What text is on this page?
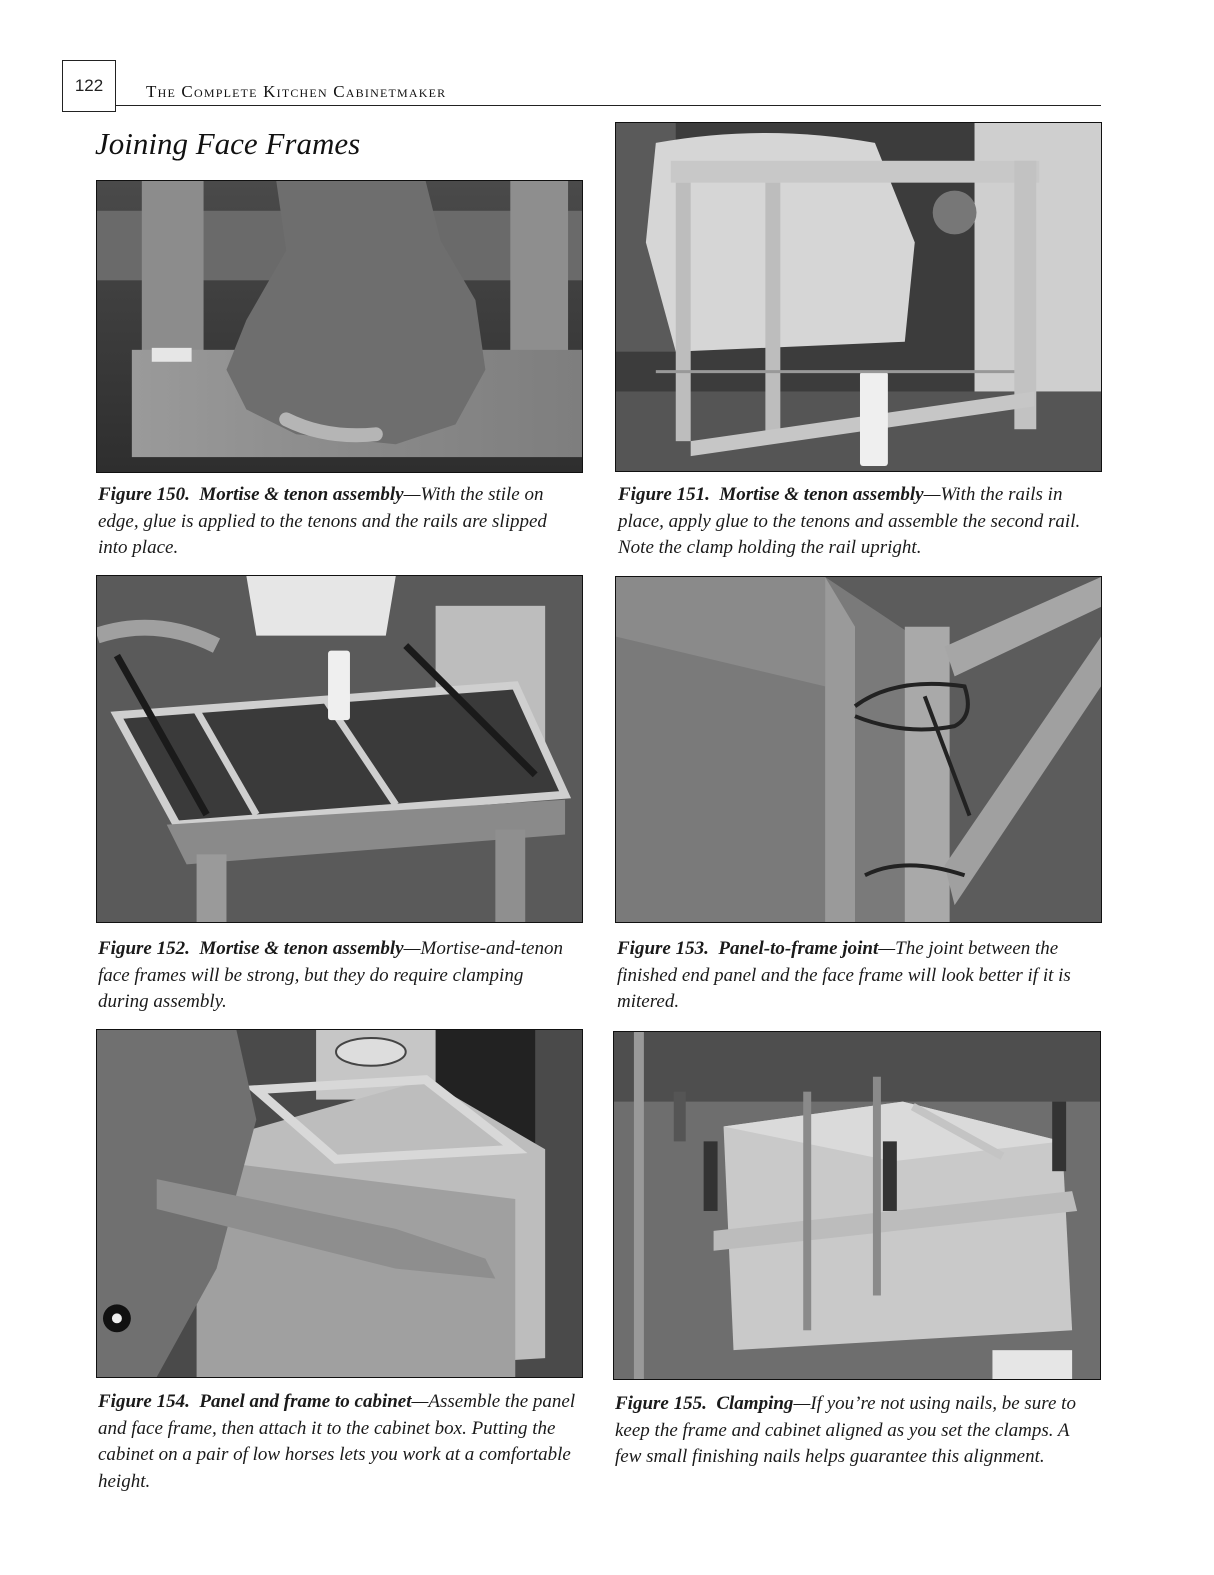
122	The Complete Kitchen Cabinetmaker
Joining Face Frames
Figure 150. Mortise & tenon assembly—With the stile on edge, glue is applied to the tenons and the rails are slipped into place.
Figure 151. Mortise & tenon assembly—With the rails in place, apply glue to the tenons and assemble the second rail. Note the clamp holding the rail upright.
Figure 152. Mortise & tenon assembly—Mortise-and-tenon face frames will be strong, but they do require clamping during assembly.
Figure 153. Panel-to-frame joint—The joint between the finished end panel and the face frame will look better if it is mitered.
Figure 154. Panel and frame to cabinet—Assemble the panel and face frame, then attach it to the cabinet box. Putting the cabinet on a pair of low horses lets you work at a comfortable height.
Figure 155. Clamping—If you’re not using nails, be sure to keep the frame and cabinet aligned as you set the clamps. A few small finishing nails helps guarantee this alignment.
